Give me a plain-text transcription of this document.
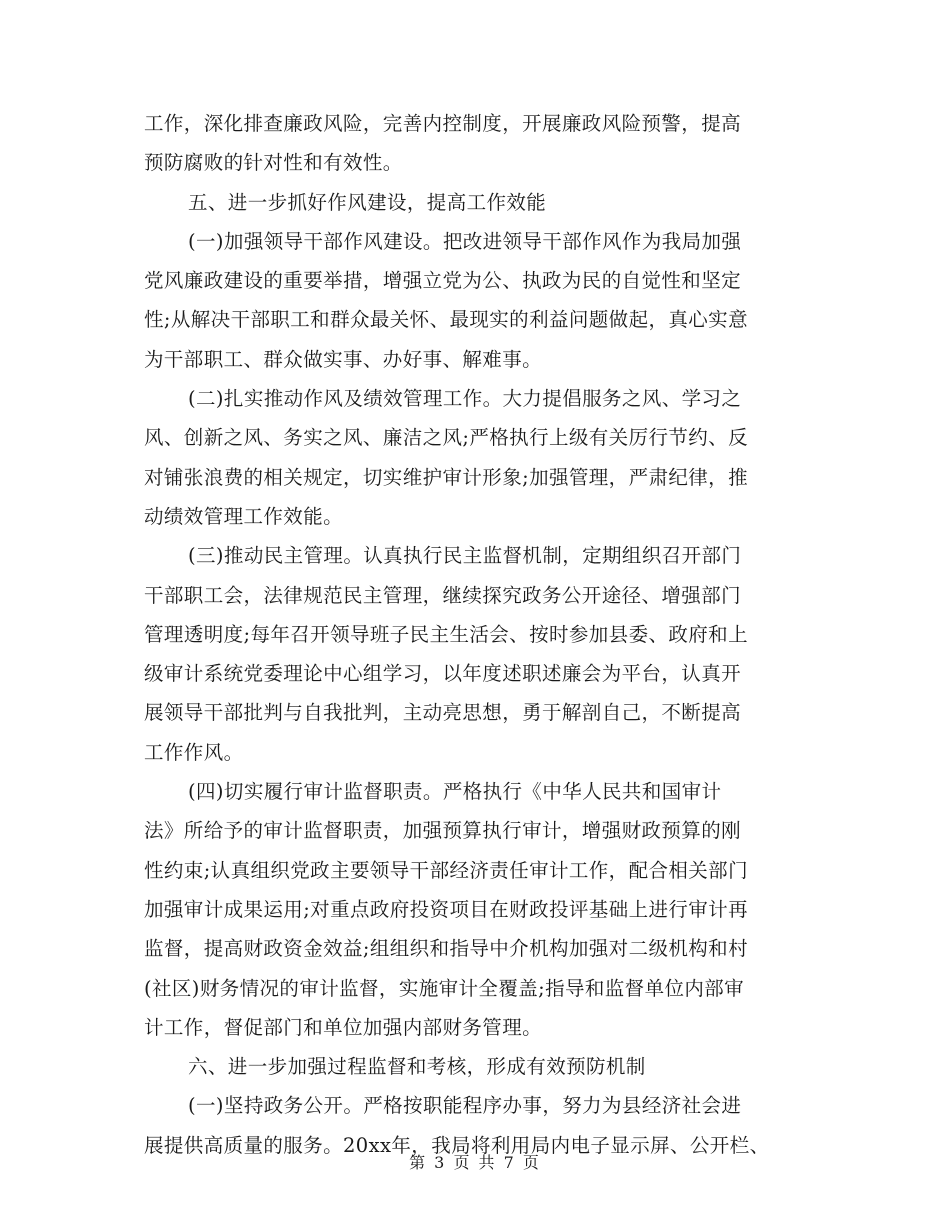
工作，深化排查廉政风险，完善内控制度，开展廉政风险预警，提高
预防腐败的针对性和有效性。
五、进一步抓好作风建设，提高工作效能
(一)加强领导干部作风建设。把改进领导干部作风作为我局加强
党风廉政建设的重要举措，增强立党为公、执政为民的自觉性和坚定
性;从解决干部职工和群众最关怀、最现实的利益问题做起，真心实意
为干部职工、群众做实事、办好事、解难事。
(二)扎实推动作风及绩效管理工作。大力提倡服务之风、学习之
风、创新之风、务实之风、廉洁之风;严格执行上级有关厉行节约、反
对铺张浪费的相关规定，切实维护审计形象;加强管理，严肃纪律，推
动绩效管理工作效能。
(三)推动民主管理。认真执行民主监督机制，定期组织召开部门
干部职工会，法律规范民主管理，继续探究政务公开途径、增强部门
管理透明度;每年召开领导班子民主生活会、按时参加县委、政府和上
级审计系统党委理论中心组学习，以年度述职述廉会为平台，认真开
展领导干部批判与自我批判，主动亮思想，勇于解剖自己，不断提高
工作作风。
(四)切实履行审计监督职责。严格执行《中华人民共和国审计
法》所给予的审计监督职责，加强预算执行审计，增强财政预算的刚
性约束;认真组织党政主要领导干部经济责任审计工作，配合相关部门
加强审计成果运用;对重点政府投资项目在财政投评基础上进行审计再
监督，提高财政资金效益;组组织和指导中介机构加强对二级机构和村
(社区)财务情况的审计监督，实施审计全覆盖;指导和监督单位内部审
计工作，督促部门和单位加强内部财务管理。
六、进一步加强过程监督和考核，形成有效预防机制
(一)坚持政务公开。严格按职能程序办事，努力为县经济社会进
展提供高质量的服务。20xx年，我局将利用局内电子显示屏、公开栏、
第 3 页 共 7 页
